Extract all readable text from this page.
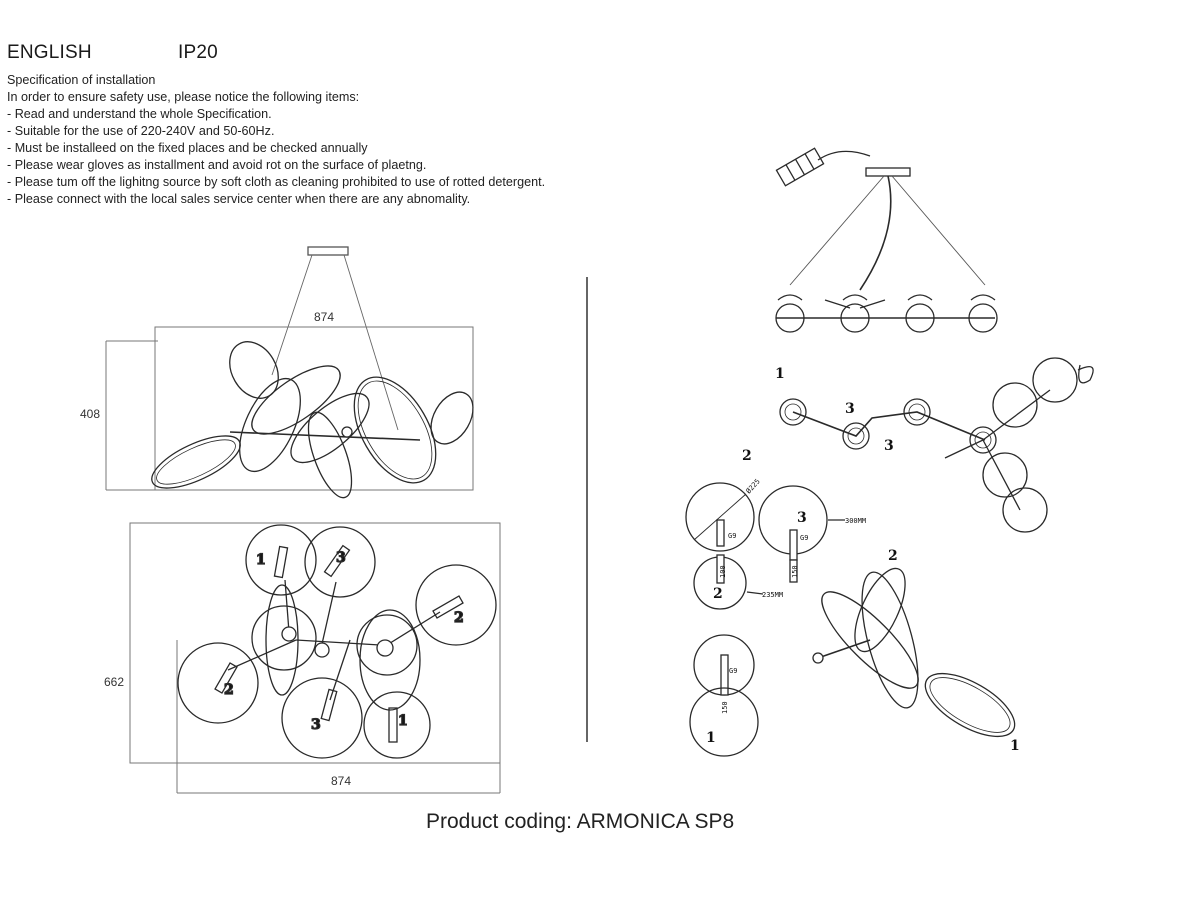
ENGLISH	IP20
Specification of installation
In order to ensure safety use, please notice the following items:
- Read and understand the whole Specification.
- Suitable for the use of 220-240V and 50-60Hz.
- Must be installeed on the fixed places and be checked annually
- Please wear gloves as installment and avoid rot on the surface of plaetng.
- Please tum off the lighitng source by soft cloth as cleaning prohibited to use of rotted detergent.
- Please connect with the local sales service center when there are any abnomality.
1	3
2
2
3	1
874
408
662
874
1
3
3
Ø225
G9	G9
300MM
235MM
100	150
2
2
3
G9
150
1
2
1
Product coding: ARMONICA SP8
